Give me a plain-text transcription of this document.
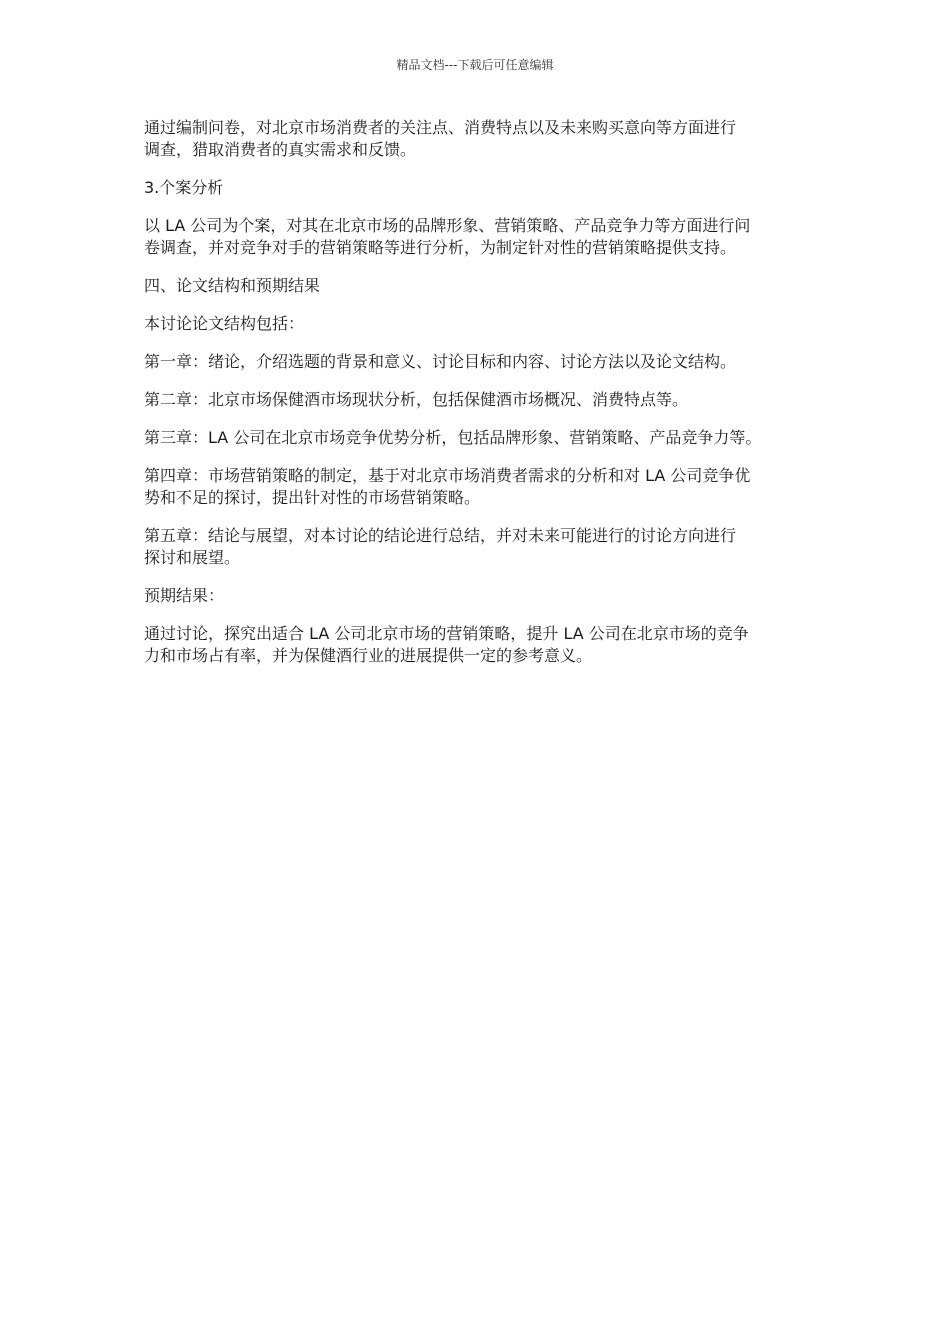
精品文档---下载后可任意编辑

通过编制问卷，对北京市场消费者的关注点、消费特点以及未来购买意向等方面进行
调查，猎取消费者的真实需求和反馈。

3.个案分析

以 LA 公司为个案，对其在北京市场的品牌形象、营销策略、产品竞争力等方面进行问
卷调查，并对竞争对手的营销策略等进行分析，为制定针对性的营销策略提供支持。

四、论文结构和预期结果

本讨论论文结构包括：

第一章：绪论，介绍选题的背景和意义、讨论目标和内容、讨论方法以及论文结构。

第二章：北京市场保健酒市场现状分析，包括保健酒市场概况、消费特点等。

第三章：LA 公司在北京市场竞争优势分析，包括品牌形象、营销策略、产品竞争力等。

第四章：市场营销策略的制定，基于对北京市场消费者需求的分析和对 LA 公司竞争优
势和不足的探讨，提出针对性的市场营销策略。

第五章：结论与展望，对本讨论的结论进行总结，并对未来可能进行的讨论方向进行
探讨和展望。

预期结果：

通过讨论，探究出适合 LA 公司北京市场的营销策略，提升 LA 公司在北京市场的竞争
力和市场占有率，并为保健酒行业的进展提供一定的参考意义。
